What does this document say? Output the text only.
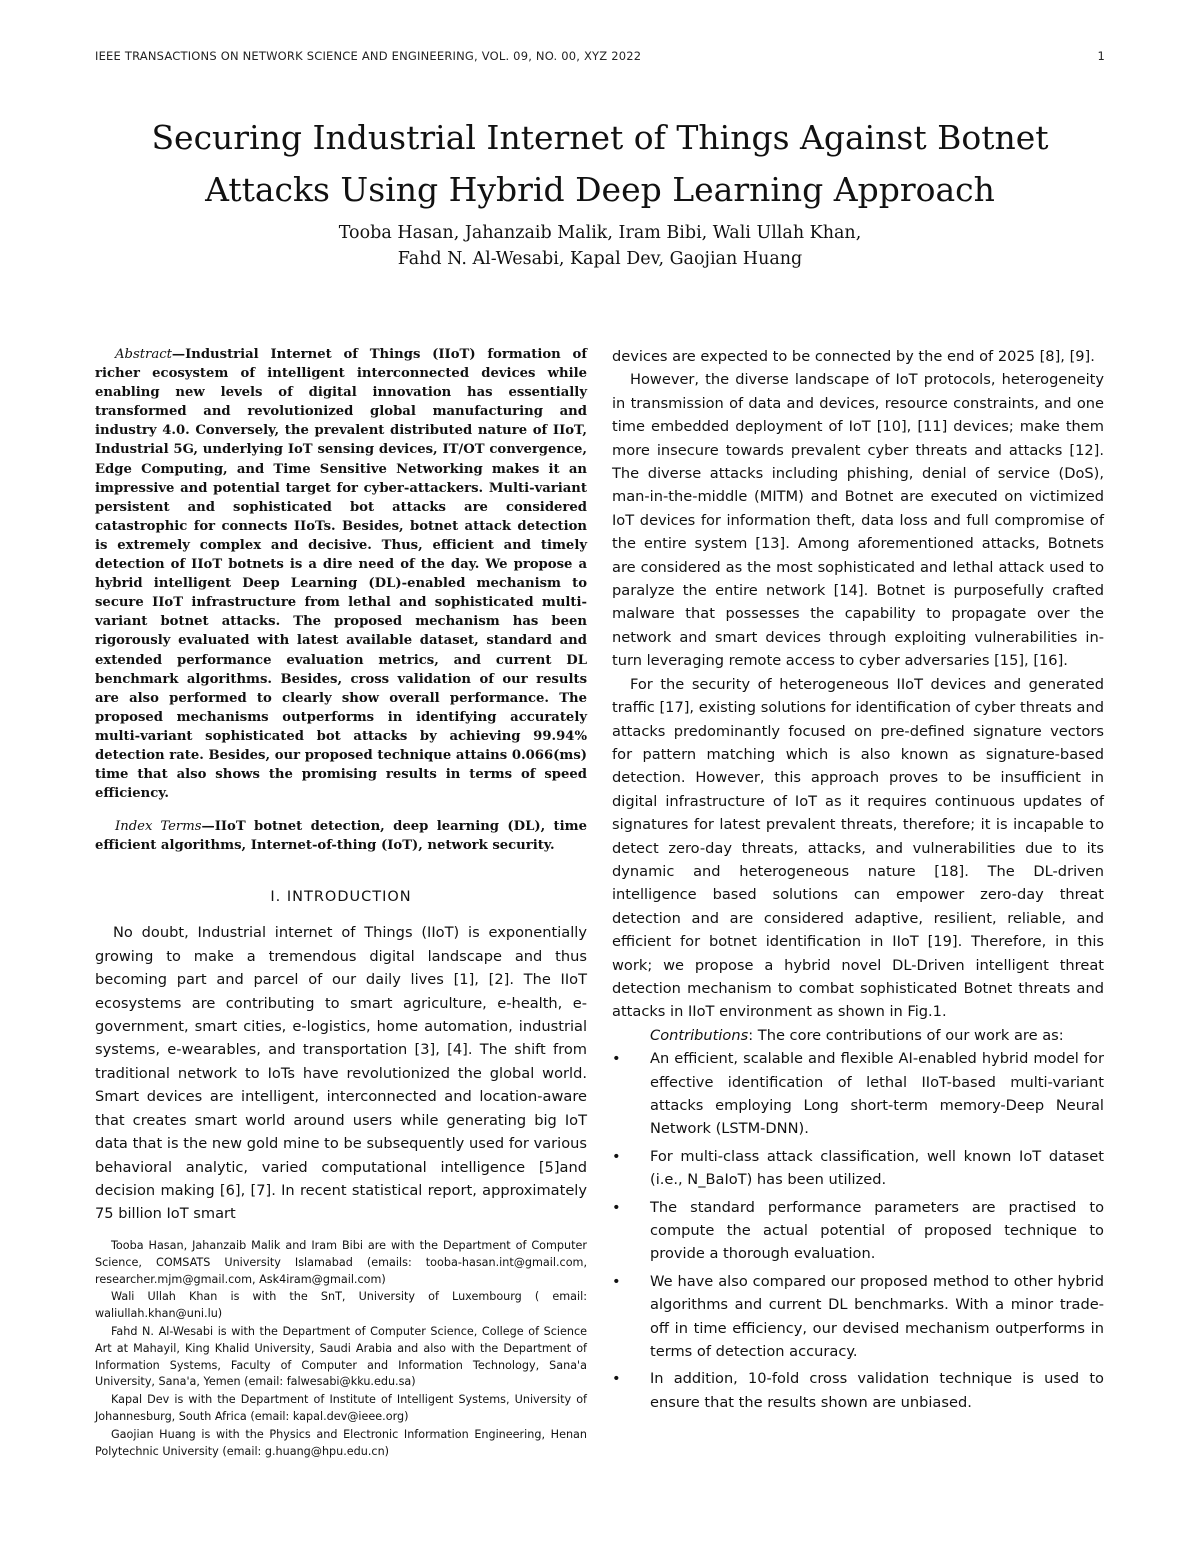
IEEE TRANSACTIONS ON NETWORK SCIENCE AND ENGINEERING, VOL. 09, NO. 00, XYZ 2022	1
Securing Industrial Internet of Things Against Botnet
Attacks Using Hybrid Deep Learning Approach
Tooba Hasan, Jahanzaib Malik, Iram Bibi, Wali Ullah Khan,
Fahd N. Al-Wesabi, Kapal Dev, Gaojian Huang

Abstract—Industrial Internet of Things (IIoT) formation of richer ecosystem of intelligent interconnected devices while enabling new levels of digital innovation has essentially transformed and revolutionized global manufacturing and industry 4.0. Conversely, the prevalent distributed nature of IIoT, Industrial 5G, underlying IoT sensing devices, IT/OT convergence, Edge Computing, and Time Sensitive Networking makes it an impressive and potential target for cyber-attackers. Multi-variant persistent and sophisticated bot attacks are considered catastrophic for connects IIoTs. Besides, botnet attack detection is extremely complex and decisive. Thus, efficient and timely detection of IIoT botnets is a dire need of the day. We propose a hybrid intelligent Deep Learning (DL)-enabled mechanism to secure IIoT infrastructure from lethal and sophisticated multi-variant botnet attacks. The proposed mechanism has been rigorously evaluated with latest available dataset, standard and extended performance evaluation metrics, and current DL benchmark algorithms. Besides, cross validation of our results are also performed to clearly show overall performance. The proposed mechanisms outperforms in identifying accurately multi-variant sophisticated bot attacks by achieving 99.94% detection rate. Besides, our proposed technique attains 0.066(ms) time that also shows the promising results in terms of speed efficiency.

Index Terms—IIoT botnet detection, deep learning (DL), time efficient algorithms, Internet-of-thing (IoT), network security.

I. INTRODUCTION

No doubt, Industrial internet of Things (IIoT) is exponentially growing to make a tremendous digital landscape and thus becoming part and parcel of our daily lives [1], [2]. The IIoT ecosystems are contributing to smart agriculture, e-health, e-government, smart cities, e-logistics, home automation, industrial systems, e-wearables, and transportation [3], [4]. The shift from traditional network to IoTs have revolutionized the global world. Smart devices are intelligent, interconnected and location-aware that creates smart world around users while generating big IoT data that is the new gold mine to be subsequently used for various behavioral analytic, varied computational intelligence [5]and decision making [6], [7]. In recent statistical report, approximately 75 billion IoT smart

Tooba Hasan, Jahanzaib Malik and Iram Bibi are with the Department of Computer Science, COMSATS University Islamabad (emails: tooba-hasan.int@gmail.com, researcher.mjm@gmail.com, Ask4iram@gmail.com)

Wali Ullah Khan is with the SnT, University of Luxembourg ( email: waliullah.khan@uni.lu)

Fahd N. Al-Wesabi is with the Department of Computer Science, College of Science Art at Mahayil, King Khalid University, Saudi Arabia and also with the Department of Information Systems, Faculty of Computer and Information Technology, Sana'a University, Sana'a, Yemen (email: falwesabi@kku.edu.sa)

Kapal Dev is with the Department of Institute of Intelligent Systems, University of Johannesburg, South Africa (email: kapal.dev@ieee.org)

Gaojian Huang is with the Physics and Electronic Information Engineering, Henan Polytechnic University (email: g.huang@hpu.edu.cn)

devices are expected to be connected by the end of 2025 [8], [9].

However, the diverse landscape of IoT protocols, heterogeneity in transmission of data and devices, resource constraints, and one time embedded deployment of IoT [10], [11] devices; make them more insecure towards prevalent cyber threats and attacks [12]. The diverse attacks including phishing, denial of service (DoS), man-in-the-middle (MITM) and Botnet are executed on victimized IoT devices for information theft, data loss and full compromise of the entire system [13]. Among aforementioned attacks, Botnets are considered as the most sophisticated and lethal attack used to paralyze the entire network [14]. Botnet is purposefully crafted malware that possesses the capability to propagate over the network and smart devices through exploiting vulnerabilities in-turn leveraging remote access to cyber adversaries [15], [16].

For the security of heterogeneous IIoT devices and generated traffic [17], existing solutions for identification of cyber threats and attacks predominantly focused on pre-defined signature vectors for pattern matching which is also known as signature-based detection. However, this approach proves to be insufficient in digital infrastructure of IoT as it requires continuous updates of signatures for latest prevalent threats, therefore; it is incapable to detect zero-day threats, attacks, and vulnerabilities due to its dynamic and heterogeneous nature [18]. The DL-driven intelligence based solutions can empower zero-day threat detection and are considered adaptive, resilient, reliable, and efficient for botnet identification in IIoT [19]. Therefore, in this work; we propose a hybrid novel DL-Driven intelligent threat detection mechanism to combat sophisticated Botnet threats and attacks in IIoT environment as shown in Fig.1.

Contributions: The core contributions of our work are as:

• An efficient, scalable and flexible AI-enabled hybrid model for effective identification of lethal IIoT-based multi-variant attacks employing Long short-term memory-Deep Neural Network (LSTM-DNN).
• For multi-class attack classification, well known IoT dataset (i.e., N_BaIoT) has been utilized.
• The standard performance parameters are practised to compute the actual potential of proposed technique to provide a thorough evaluation.
• We have also compared our proposed method to other hybrid algorithms and current DL benchmarks. With a minor trade-off in time efficiency, our devised mechanism outperforms in terms of detection accuracy.
• In addition, 10-fold cross validation technique is used to ensure that the results shown are unbiased.
